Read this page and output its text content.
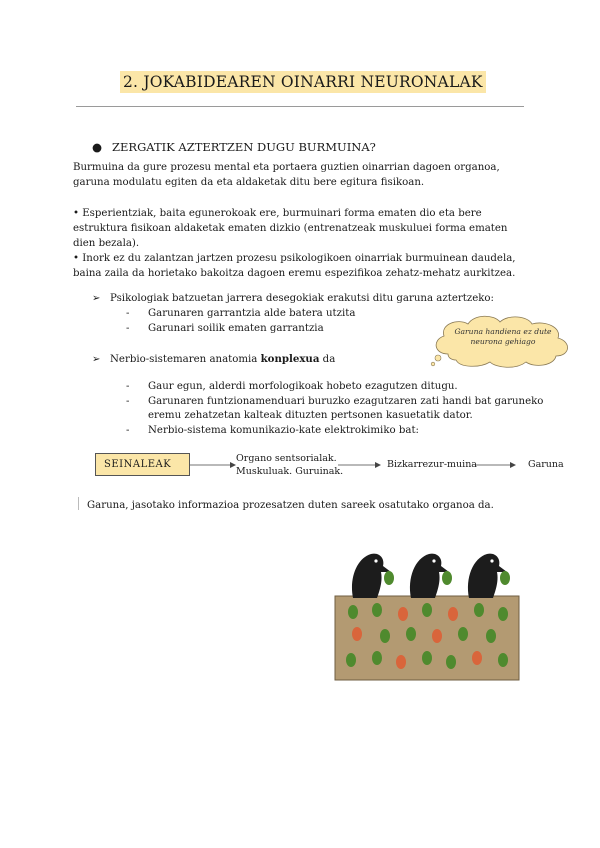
2. JOKABIDEAREN OINARRI NEURONALAK
● ZERGATIK AZTERTZEN DUGU BURMUINA?
Burmuina da gure prozesu mental eta portaera guztien oinarrian dagoen organoa, garuna modulatu egiten da eta aldaketak ditu bere egitura fisikoan.
• Esperientziak, baita egunerokoak ere, burmuinari forma ematen dio eta bere estruktura fisikoan aldaketak ematen dizkio (entrenatzeak muskuluei forma ematen dien bezala).
• Inork ez du zalantzan jartzen prozesu psikologikoen oinarriak burmuinean daudela, baina zaila da horietako bakoitza dagoen eremu espezifikoa zehatz-mehatz aurkitzea.
➢ Psikologiak batzuetan jarrera desegokiak erakutsi ditu garuna aztertzeko:
- Garunaren garrantzia alde batera utzita
- Garunari soilik ematen garrantzia	Garuna handiena ez dute
neurona gehiago
➢ Nerbio-sistemaren anatomia konplexua da
- Gaur egun, alderdi morfologikoak hobeto ezagutzen ditugu.
- Garunaren funtzionamenduari buruzko ezagutzaren zati handi bat garuneko
eremu zehatzetan kalteak dituzten pertsonen kasuetatik dator.
- Nerbio-sistema komunikazio-kate elektrokimiko bat:
SEINALEAK
Organo sentsorialak.
Muskuluak. Guruinak.
Bizkarrezur-muina	Garuna
Garuna, jasotako informazioa prozesatzen duten sareek osatutako organoa da.
